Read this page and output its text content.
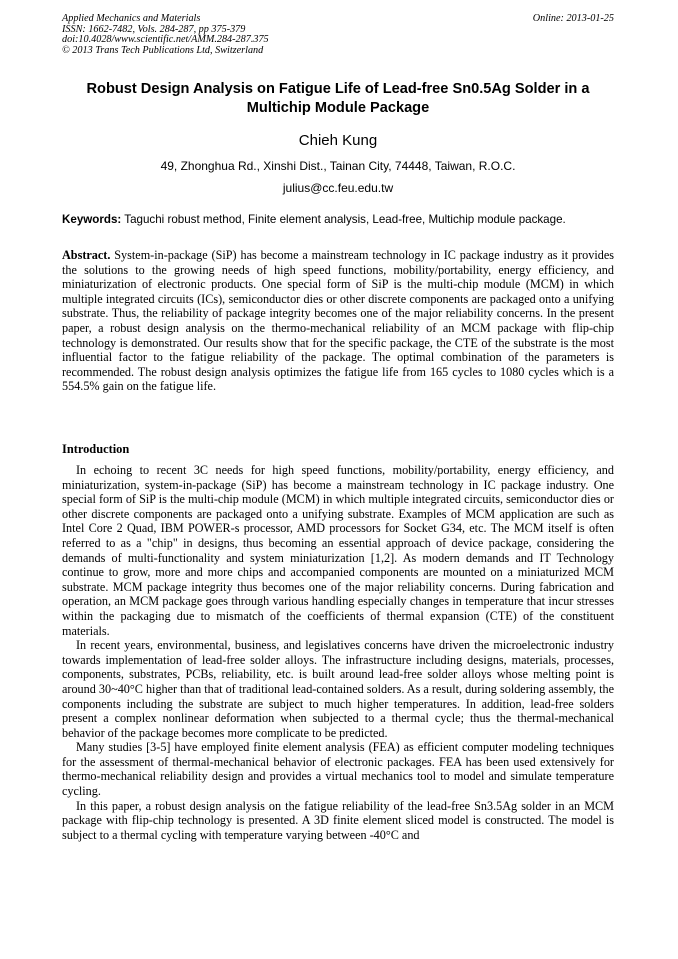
Applied Mechanics and Materials
ISSN: 1662-7482, Vols. 284-287, pp 375-379
doi:10.4028/www.scientific.net/AMM.284-287.375
© 2013 Trans Tech Publications Ltd, Switzerland
Online: 2013-01-25
Robust Design Analysis on Fatigue Life of Lead-free Sn0.5Ag Solder in a Multichip Module Package
Chieh Kung
49, Zhonghua Rd., Xinshi Dist., Tainan City, 74448, Taiwan, R.O.C.
julius@cc.feu.edu.tw
Keywords: Taguchi robust method, Finite element analysis, Lead-free, Multichip module package.
Abstract. System-in-package (SiP) has become a mainstream technology in IC package industry as it provides the solutions to the growing needs of high speed functions, mobility/portability, energy efficiency, and miniaturization of electronic products. One special form of SiP is the multi-chip module (MCM) in which multiple integrated circuits (ICs), semiconductor dies or other discrete components are packaged onto a unifying substrate. Thus, the reliability of package integrity becomes one of the major reliability concerns. In the present paper, a robust design analysis on the thermo-mechanical reliability of an MCM package with flip-chip technology is demonstrated. Our results show that for the specific package, the CTE of the substrate is the most influential factor to the fatigue reliability of the package. The optimal combination of the parameters is recommended. The robust design analysis optimizes the fatigue life from 165 cycles to 1080 cycles which is a 554.5% gain on the fatigue life.
Introduction

In echoing to recent 3C needs for high speed functions, mobility/portability, energy efficiency, and miniaturization, system-in-package (SiP) has become a mainstream technology in IC package industry. One special form of SiP is the multi-chip module (MCM) in which multiple integrated circuits, semiconductor dies or other discrete components are packaged onto a unifying substrate. Examples of MCM application are such as Intel Core 2 Quad, IBM POWER-s processor, AMD processors for Socket G34, etc. The MCM itself is often referred to as a "chip" in designs, thus becoming an essential approach of device package, considering the demands of multi-functionality and system miniaturization [1,2]. As modern demands and IT Technology continue to grow, more and more chips and accompanied components are mounted on a miniaturized MCM substrate. MCM package integrity thus becomes one of the major reliability concerns. During fabrication and operation, an MCM package goes through various handling especially changes in temperature that incur stresses within the packaging due to mismatch of the coefficients of thermal expansion (CTE) of the constituent materials.

In recent years, environmental, business, and legislatives concerns have driven the microelectronic industry towards implementation of lead-free solder alloys. The infrastructure including designs, materials, processes, components, substrates, PCBs, reliability, etc. is built around lead-free solder alloys whose melting point is around 30~40°C higher than that of traditional lead-contained solders. As a result, during soldering assembly, the components including the substrate are subject to much higher temperatures. In addition, lead-free solders present a complex nonlinear deformation when subjected to a thermal cycle; thus the thermal-mechanical behavior of the package becomes more complicate to be predicted.

Many studies [3-5] have employed finite element analysis (FEA) as efficient computer modeling techniques for the assessment of thermal-mechanical behavior of electronic packages. FEA has been used extensively for thermo-mechanical reliability design and provides a virtual mechanics tool to model and simulate temperature cycling.

In this paper, a robust design analysis on the fatigue reliability of the lead-free Sn3.5Ag solder in an MCM package with flip-chip technology is presented. A 3D finite element sliced model is constructed. The model is subject to a thermal cycling with temperature varying between -40°C and
